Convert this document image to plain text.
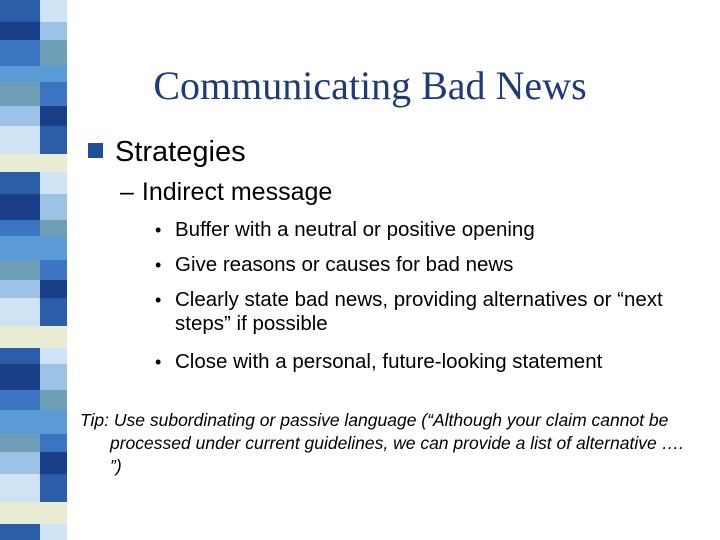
Communicating Bad News
Strategies
– Indirect message
• Buffer with a neutral or positive opening
• Give reasons or causes for bad news
• Clearly state bad news, providing alternatives or “next steps” if possible
• Close with a personal, future-looking statement
Tip: Use subordinating or passive language (“Although your claim cannot be processed under current guidelines, we can provide a list of alternative …. ”)
